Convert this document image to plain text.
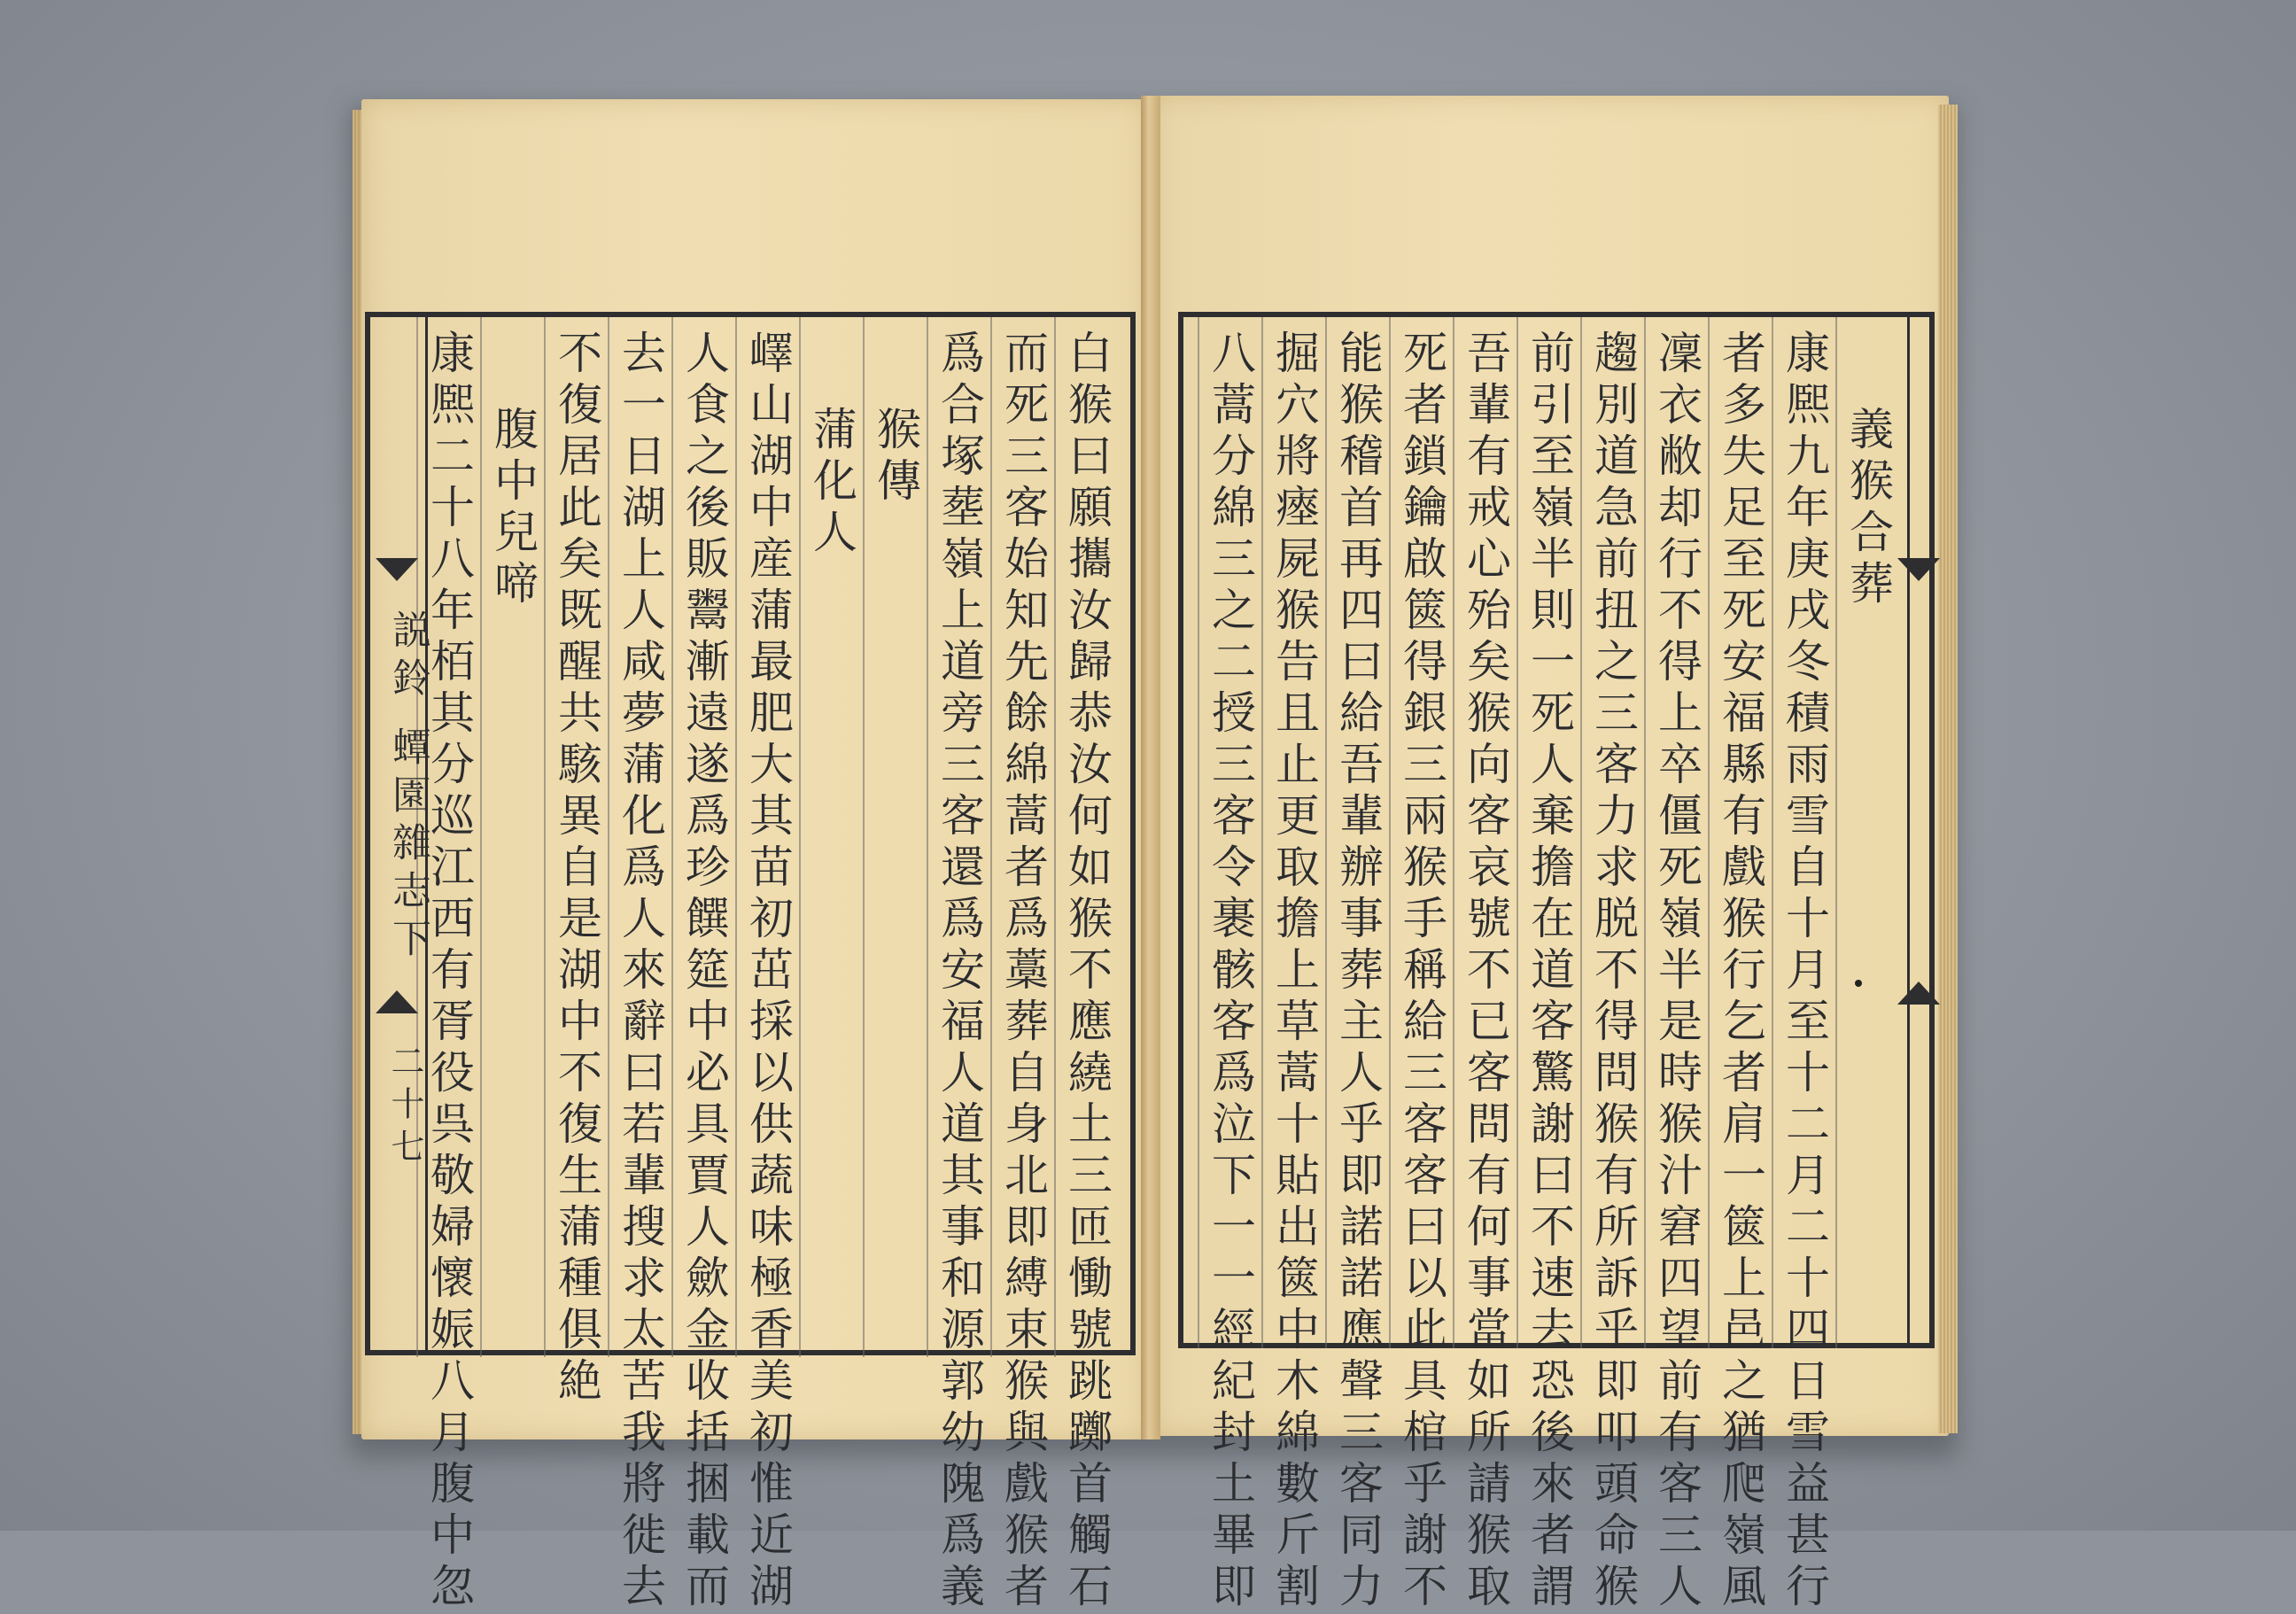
白猴曰願攜汝歸恭汝何如猴不應繞土三匝慟號跳躑首觸石
而死三客始知先餘綿蒿者爲藁葬自身北即縛束猴與戲猴者
爲合塚塟嶺上道旁三客還爲安福人道其事和源郭幼隗爲義
猴傳
蒲化人
嶧山湖中産蒲最肥大其苗初茁採以供蔬味極香美初惟近湖
人食之後販鬻漸遠遂爲珍饌筵中必具賈人歛金收括捆載而
去一日湖上人咸夢蒲化爲人來辭曰若輩搜求太苦我將徙去
不復居此矣既醒共駭異自是湖中不復生蒲種俱絶
腹中兒啼
康熈二十八年栢其分巡江西有胥役呉敬婦懷娠八月腹中忽
説鈴 蟫園雜志下
二十七
義猴合葬
康熈九年庚戌冬積雨雪自十月至十二月二十四日雪益甚行
者多失足至死安福縣有戲猴行乞者肩一篋上邑之猶爬嶺風
凜衣敝却行不得上卒僵死嶺半是時猴汁窘四望前有客三人
趨別道急前扭之三客力求脱不得問猴有所訴乎即叩頭命猴
前引至嶺半則一死人棄擔在道客驚謝曰不速去恐後來者謂
吾輩有戒心殆矣猴向客哀號不已客問有何事當如所請猴取
死者鎖鑰啟篋得銀三兩猴手稱給三客客曰以此具棺乎謝不
能猴稽首再四曰給吾輩辦事葬主人乎即諾諾應聲三客同力
掘穴將瘞屍猴告且止更取擔上草蒿十貼出篋中木綿數斤割
八蒿分綿三之二授三客令裹骸客爲泣下一一經紀封土畢即
